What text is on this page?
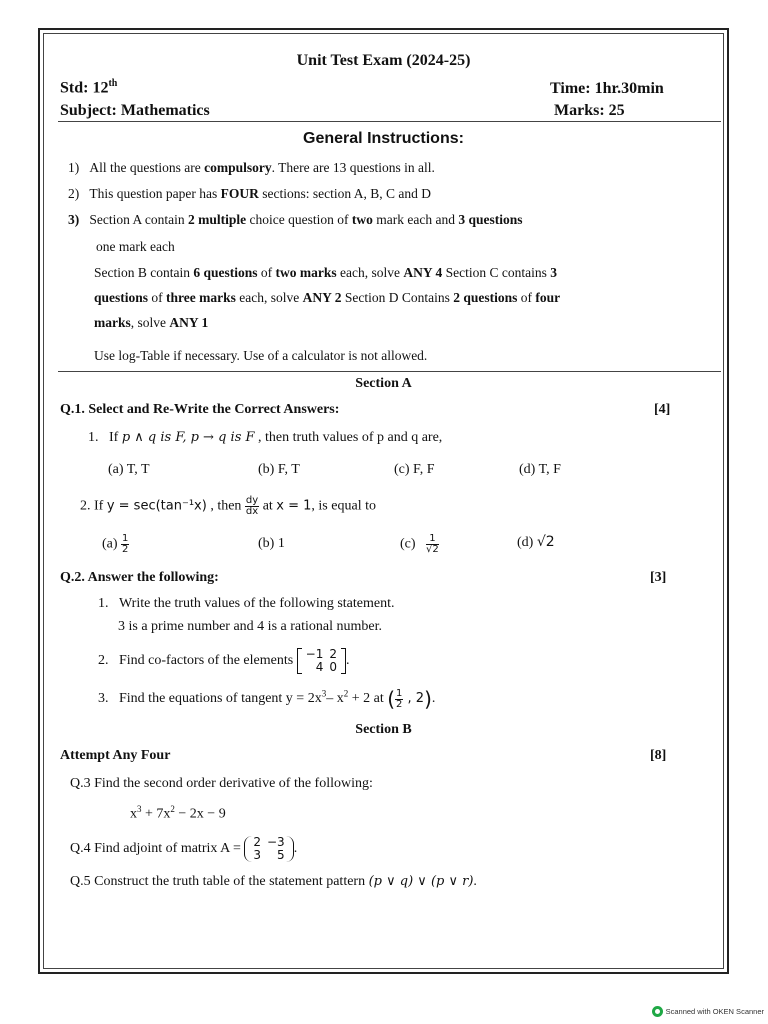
Unit Test Exam (2024-25)
Std: 12th	Time: 1hr.30min
Subject: Mathematics	Marks: 25
General Instructions:
1) All the questions are compulsory. There are 13 questions in all.
2) This question paper has FOUR sections: section A, B, C and D
3) Section A contain 2 multiple choice question of two mark each and 3 questions
one mark each
Section B contain 6 questions of two marks each, solve ANY 4 Section C contains 3
questions of three marks each, solve ANY 2 Section D Contains 2 questions of four
marks, solve ANY 1
Use log-Table if necessary. Use of a calculator is not allowed.
Section A
Q.1. Select and Re-Write the Correct Answers:	[4]
1. If p ∧ q is F, p → q is F , then truth values of p and q are,
(a) T, T	(b) F, T	(c) F, F	(d) T, F
2. If y = sec(tan⁻¹x) , then $\frac{dy}{dx}$ at x = 1, is equal to
$(a) \frac{1}{2}$	(b) 1	$(c) \frac{1}{√2}$	(d) √2
Q.2. Answer the following:	[3]
1. Write the truth values of the following statement.
3 is a prime number and 4 is a rational number.
2. Find co-factors of the elements −1	2
4	0 .
3. Find the equations of tangent $y = 2x^3-$ $x^2 + 2$ at ( $\frac{1}{2}$ , 2).
Section B
Attempt Any Four	[8]
Q.3 Find the second order derivative of the following:
$x^3 + 7x^2 - 2x - 9$
Q.4 Find adjoint of matrix A = 2	−3
3	5 .
Q.5 Construct the truth table of the statement pattern (p ∨ q) ∨ (p ∨ r).
Scanned with OKEN Scanner
